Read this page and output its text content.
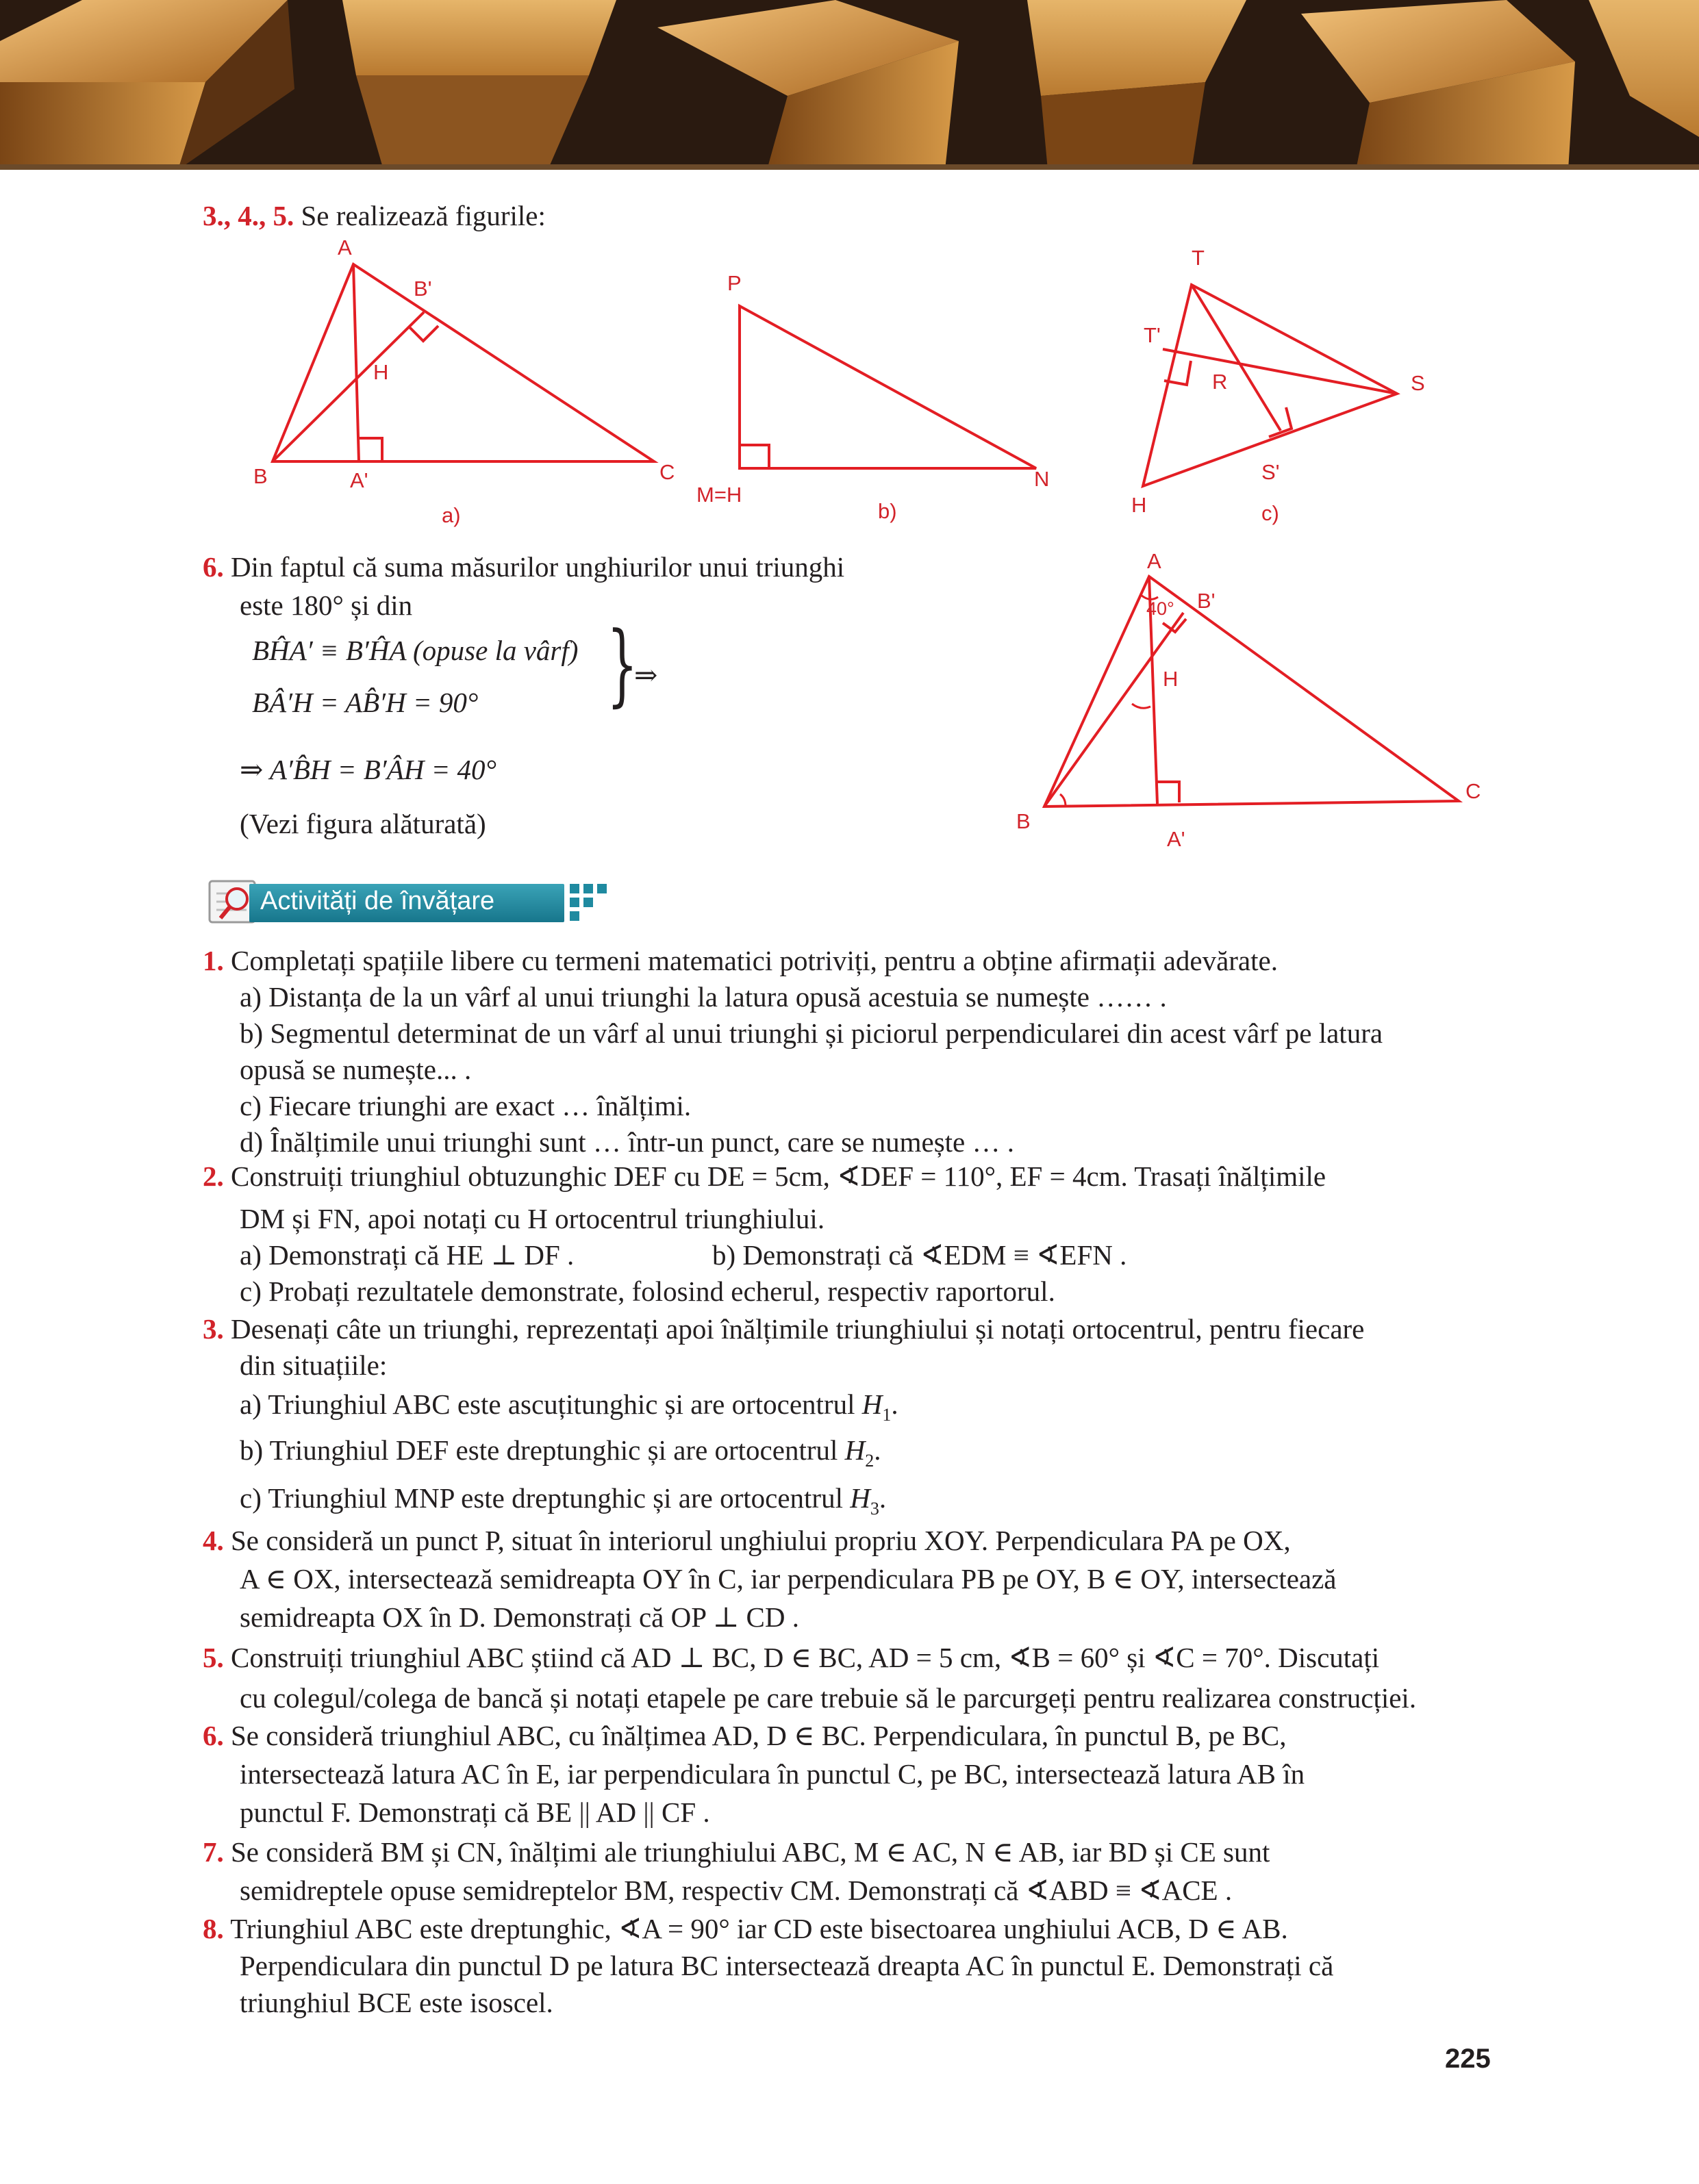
3., 4., 5. Se realizează figurile:
A
B'
H
B	A'	C
a)
P
M=H
N
b)
T
T'
R	S
H
S'
c)
6. Din faptul că suma măsurilor unghiurilor unui triunghi
este 180° și din
BĤA′ ≡ B′ĤA (opuse la vârf)
BÂ′H = AB̂′H = 90° }
⇒
⇒ A′B̂H = B′ÂH = 40°
(Vezi figura alăturată)
A
40° B'
H
B
A'
C
Activități de învățare
1. Completați spațiile libere cu termeni matematici potriviți, pentru a obține afirmații adevărate.
a) Distanța de la un vârf al unui triunghi la latura opusă acestuia se numește …… .
b) Segmentul determinat de un vârf al unui triunghi și piciorul perpendicularei din acest vârf pe latura
opusă se numește... .
c) Fiecare triunghi are exact … înălțimi.
d) Înălțimile unui triunghi sunt … într-un punct, care se numește … .
2. Construiți triunghiul obtuzunghic DEF cu DE = 5cm, ∢DEF = 110°, EF = 4cm. Trasați înălțimile
DM și FN, apoi notați cu H ortocentrul triunghiului.
a) Demonstrați că HE ⊥ DF .	b) Demonstrați că ∢EDM ≡ ∢EFN .
c) Probați rezultatele demonstrate, folosind echerul, respectiv raportorul.
3. Desenați câte un triunghi, reprezentați apoi înălțimile triunghiului și notați ortocentrul, pentru fiecare
din situațiile:
a) Triunghiul ABC este ascuțitunghic și are ortocentrul $H_1$.
b) Triunghiul DEF este dreptunghic și are ortocentrul $H_2$.
c) Triunghiul MNP este dreptunghic și are ortocentrul $H_3$.
4. Se consideră un punct P, situat în interiorul unghiului propriu XOY. Perpendiculara PA pe OX,
A ∈ OX, intersectează semidreapta OY în C, iar perpendiculara PB pe OY, B ∈ OY, intersectează
semidreapta OX în D. Demonstrați că OP ⊥ CD .
5. Construiți triunghiul ABC știind că AD ⊥ BC, D ∈ BC, AD = 5 cm, ∢B = 60° și ∢C = 70°. Discutați
cu colegul/colega de bancă și notați etapele pe care trebuie să le parcurgeți pentru realizarea construcției.
6. Se consideră triunghiul ABC, cu înălțimea AD, D ∈ BC. Perpendiculara, în punctul B, pe BC,
intersectează latura AC în E, iar perpendiculara în punctul C, pe BC, intersectează latura AB în
punctul F. Demonstrați că BE || AD || CF .
7. Se consideră BM și CN, înălțimi ale triunghiului ABC, M ∈ AC, N ∈ AB, iar BD și CE sunt
semidreptele opuse semidreptelor BM, respectiv CM. Demonstrați că ∢ABD ≡ ∢ACE .
8. Triunghiul ABC este dreptunghic, ∢A = 90° iar CD este bisectoarea unghiului ACB, D ∈ AB.
Perpendiculara din punctul D pe latura BC intersectează dreapta AC în punctul E. Demonstrați că
triunghiul BCE este isoscel.
225
